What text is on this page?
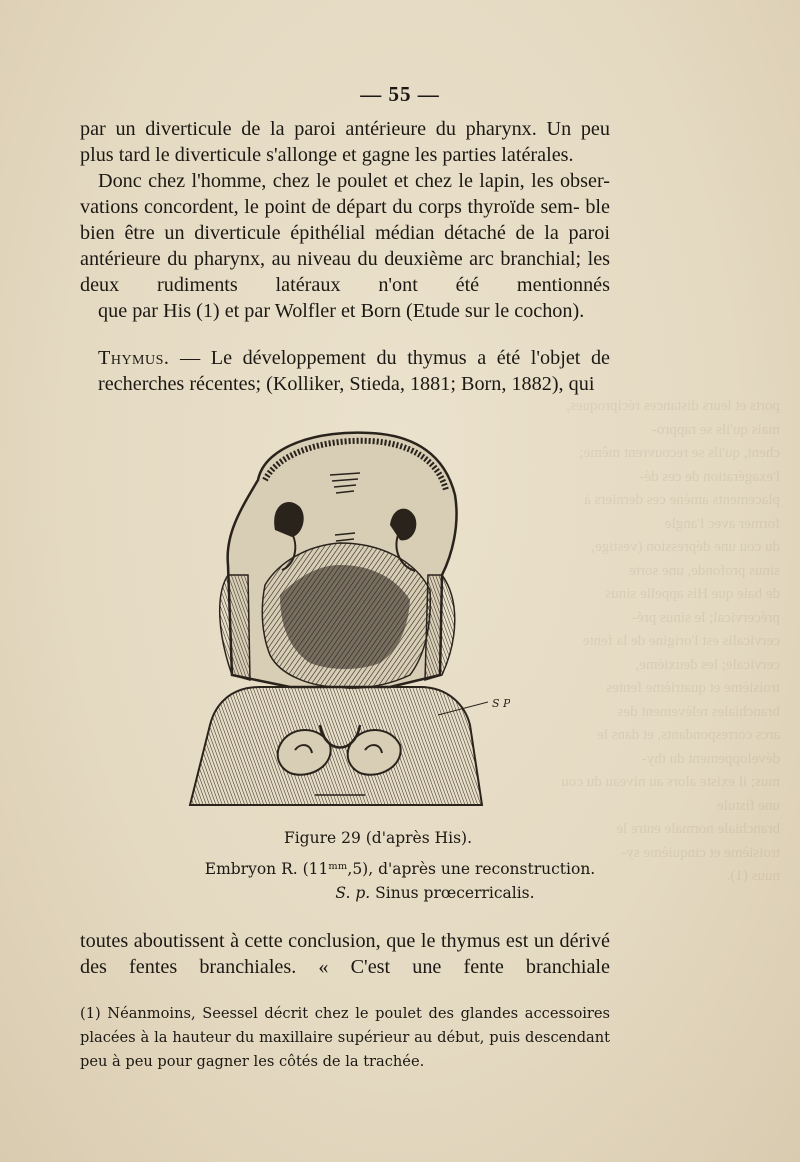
ports et leurs distances réciproques, mais qu'ils se rappro-
chent, qu'ils se recouvrent même; l'exagération de ces dé-
placements amène ces derniers à former avec l'angle
du cou une dépression (vestige, sinus profonde, une sorte
de baie que His appelle sinus précervical; le sinus pré-
cervicalis est l'origine de la fente cervicale; les deuxième,
troisième et quatrième fentes branchiales relèvement des
arcs correspondants, et dans le développement du thy-
mus; il existe alors au niveau du cou une fistule
branchiale normale entre le troisième et cinquième sy-
nuus (1).
— 55 —
par un diverticule de la paroi antérieure du pharynx. Un peu
plus tard le diverticule s'allonge et gagne les parties latérales.
Donc chez l'homme, chez le poulet et chez le lapin, les obser- vations concordent, le point de départ du corps thyroïde sem- ble bien être un diverticule épithélial médian détaché de la paroi antérieure du pharynx, au niveau du deuxième arc branchial; les deux rudiments latéraux n'ont été mentionnés
que par His (1) et par Wolfler et Born (Etude sur le cochon).
Thymus. — Le développement du thymus a été l'objet de
recherches récentes; (Kolliker, Stieda, 1881; Born, 1882), qui
S P
Figure 29 (d'après His).
Embryon R. (11ᵐᵐ,5), d'après une reconstruction.
S. p. Sinus prœcerricalis.
toutes aboutissent à cette conclusion, que le thymus est un dérivé des fentes branchiales. « C'est une fente branchiale
(1) Néanmoins, Seessel décrit chez le poulet des glandes accessoires
placées à la hauteur du maxillaire supérieur au début, puis descendant
peu à peu pour gagner les côtés de la trachée.
